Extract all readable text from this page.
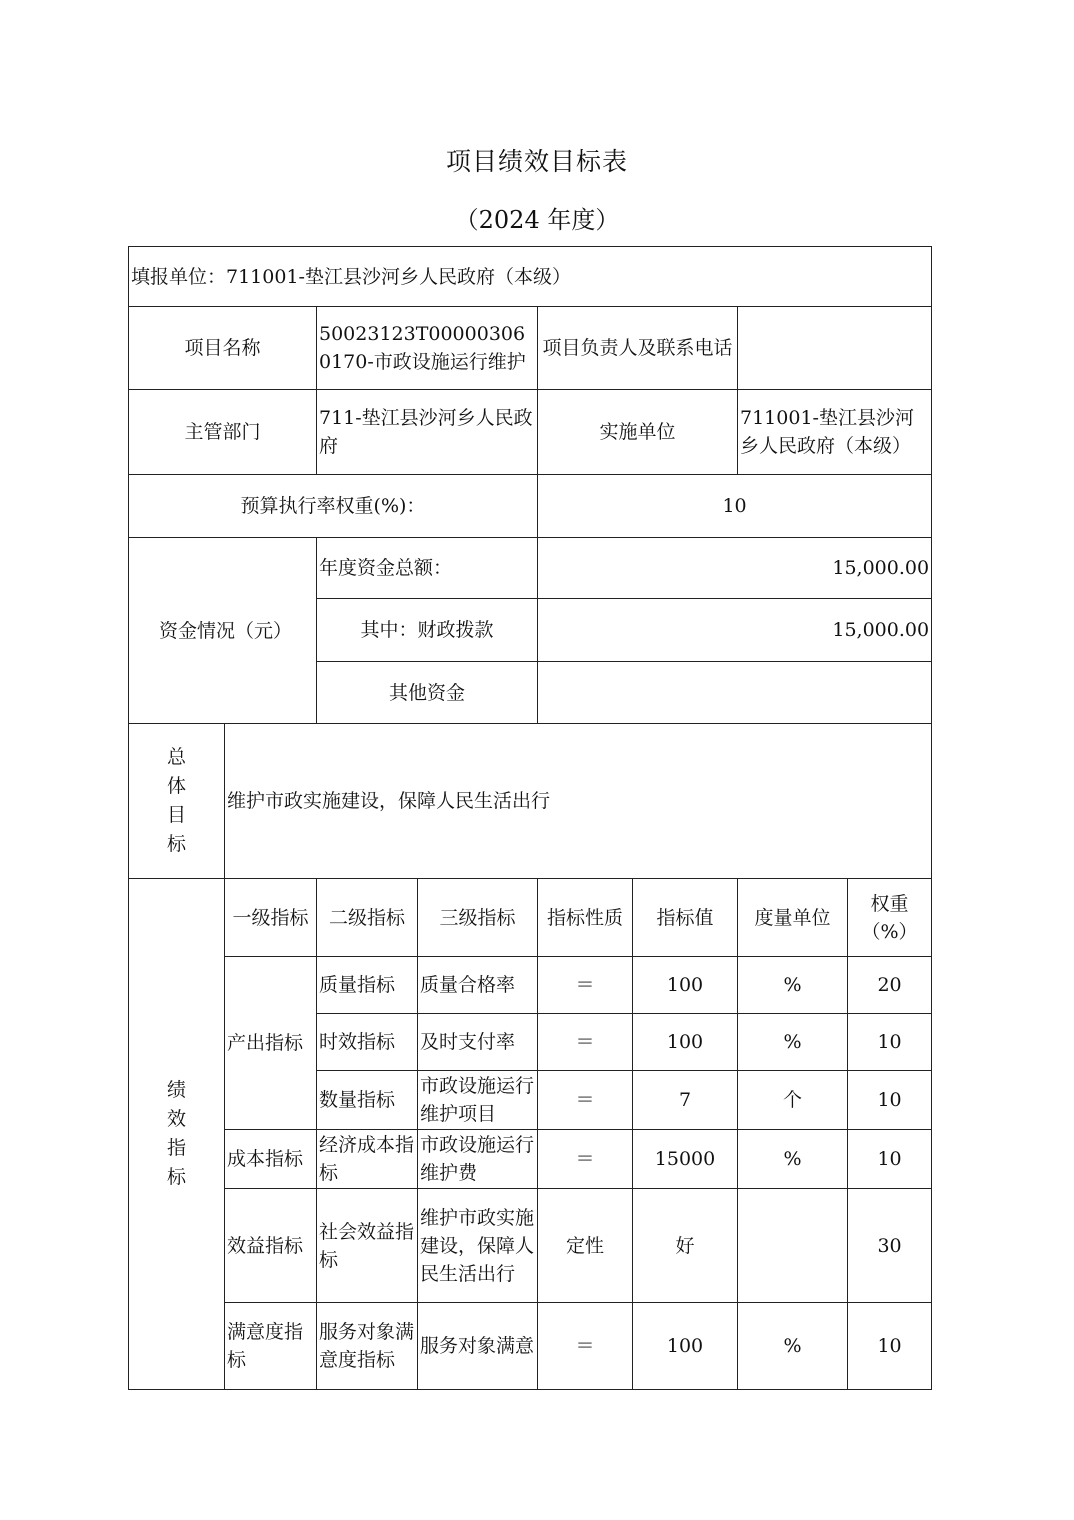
项目绩效目标表
（2024 年度）
填报单位：711001-垫江县沙河乡人民政府（本级）							
项目名称		50023123T000003060170-市政设施运行维护		项目负责人及联系电话			
主管部门		711-垫江县沙河乡人民政府		实施单位		711001-垫江县沙河乡人民政府（本级）	
预算执行率权重(%)：				10			
资金情况（元）		年度资金总额：		15,000.00			
		其中：财政拨款		15,000.00			
		其他资金					

总
体
目
标	维护市政实施建设，保障人民生活出行						

绩
效
指
标	一级指标	二级指标	三级指标	指标性质	指标值	度量单位	权重（%）
	产出指标	质量指标	质量合格率	＝	100	%	20
		时效指标	及时支付率	＝	100	%	10
		数量指标	市政设施运行维护项目	＝	7	个	10
	成本指标	经济成本指标	市政设施运行维护费	＝	15000	%	10
	效益指标	社会效益指标	维护市政实施建设，保障人民生活出行	定性	好		30
	满意度指标	服务对象满意度指标	服务对象满意	＝	100	%	10
